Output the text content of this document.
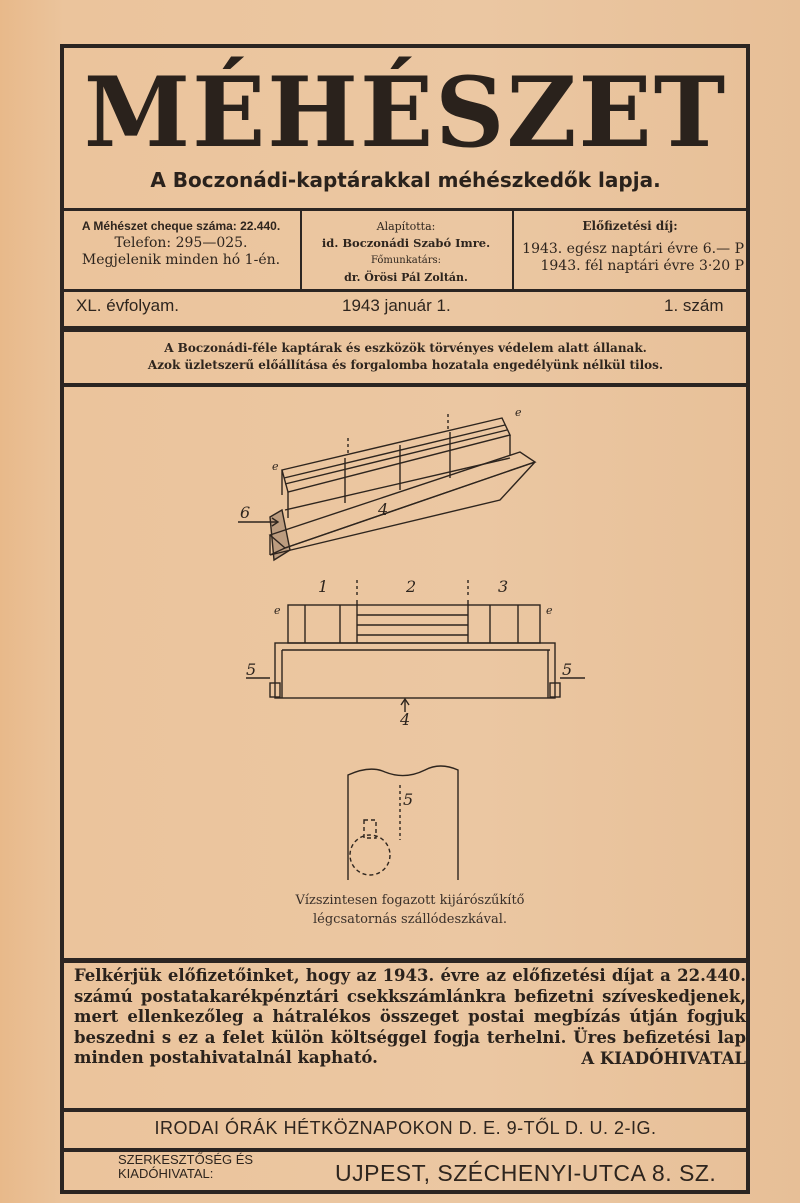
MÉHÉSZET
A Boczonádi-kaptárakkal méhészkedők lapja.
A Méhészet cheque száma: 22.440.
Telefon: 295—025.
Megjelenik minden hó 1-én.
Alapította:
id. Boczonádi Szabó Imre.
Főmunkatárs:
dr. Örösi Pál Zoltán.
Előfizetési díj:
1943. egész naptári évre 6.— P
1943. fél naptári évre 3·20 P
XL. évfolyam.	1943 január 1.	1. szám
A Boczonádi-féle kaptárak és eszközök törvényes védelem alatt állanak.
Azok üzletszerű előállítása és forgalomba hozatala engedélyünk nélkül tilos.
4
6
e
e
1	2	3
e	e
5	5
4
5
Vízszintesen fogazott kijárószűkítő
légcsatornás szállódeszkával.
Felkérjük előfizetőinket, hogy az 1943. évre az előfizetési díjat a 22.440. számú postatakarékpénztári csekkszámlánkra befizetni szíveskedjenek, mert ellenkezőleg a hátralékos összeget postai megbízás útján fogjuk beszedni s ez a felet külön költséggel fogja terhelni. Üres befizetési lap minden postahivatalnál kapható.	A KIADÓHIVATAL
IRODAI ÓRÁK HÉTKÖZNAPOKON D. E. 9-TŐL D. U. 2-IG.
SZERKESZTŐSÉG ÉS
KIADÓHIVATAL:	UJPEST, SZÉCHENYI-UTCA 8. SZ.
